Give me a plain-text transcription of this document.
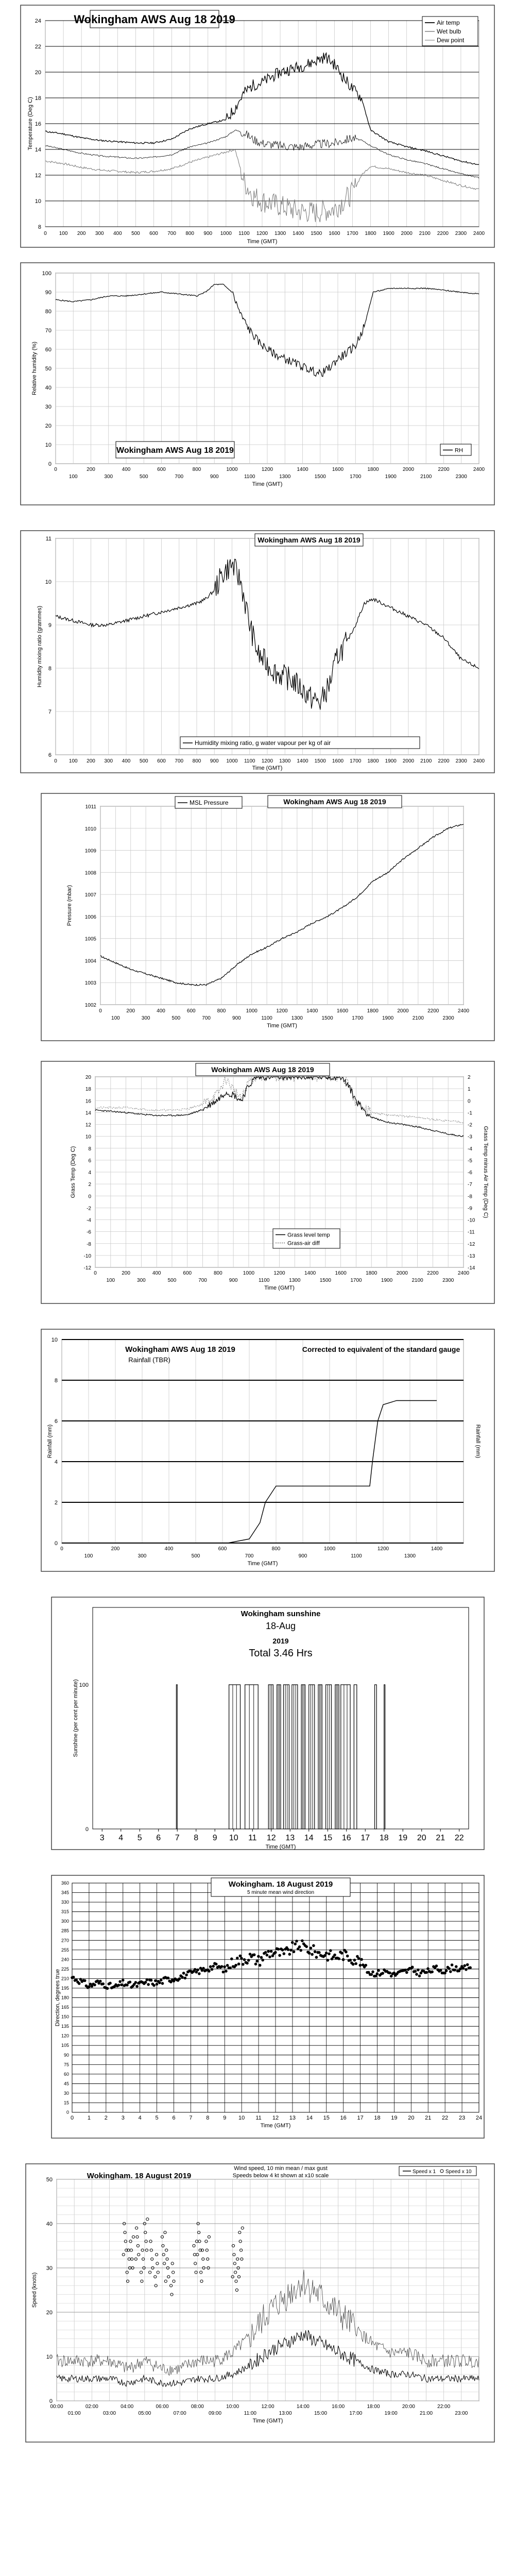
0 100 200 300 400 500 600 700 800 900 1000 1100 1200 1300 1400 1500 1600 1700 1800 1900 2000 2100 2200 2300 2400
8
10
12
14
16
18
20
22
24
Temperature (Deg C)
Time (GMT)
Wokingham AWS Aug 18 2019	Air temp
Wet bulb
Dew point
0	200	400	600	800	1000	1200	1400	1600	1800	2000	2200	2400
100	300	500	700	900	1100	1300	1500	1700	1900	2100	2300
0
10
20
30
40
50
60
70
80
90
100
Relative humidity (%)
Time (GMT)
Wokingham AWS Aug 18 2019	RH
0 100 200 300 400 500 600 700 800 900 1000 1100 1200 1300 1400 1500 1600 1700 1800 1900 2000 2100 2200 2300 2400
6
7
8
9
10
11
Humidity mixing ratio (grammes)
Time (GMT)
Wokingham AWS Aug 18 2019
Humidity mixing ratio, g water vapour per kg of air
0	200	400	600	800	1000	1200	1400	1600	1800	2000	2200	2400
100	300	500	700	900	1100	1300	1500	1700	1900	2100	2300
1002
1003
1004
1005
1006
1007
1008
1009
1010
1011
Pressure (mbar)
Time (GMT)
MSL Pressure	Wokingham AWS Aug 18 2019
0	200	400	600	800	1000	1200	1400	1600	1800	2000	2200	2400
100	300	500	700	900	1100	1300	1500	1700	1900	2100	2300
-12
-10
-8
-6
-4
-2
0
2
4
6
8
10
12
14
16
18
20
-14
-13
-12
-11
-10
-9
-8
-7
-6
-5
-4
-3
-2
-1
0
1
2
Grass Temp (Deg C)	Grass Temp minus Air Temp (Deg C)
Time (GMT)
Wokingham AWS Aug 18 2019
Grass level temp
Grass-air diff
0	200	400	600	800	1000	1200	1400
100	300	500	700	900	1100	1300
0
2
4
6
8
10
Rainfall (mm)	Rainfall (mm)
Time (GMT)
Wokingham AWS Aug 18 2019
Rainfall (TBR)
Corrected to equivalent of the standard gauge
3 4 5 6 7 8 9 10 11 12 13 14 15 16 17 18 19 20 21 22
0
100
Sunshine (per cent per minute)
Time (GMT)
Wokingham sunshine
18-Aug
2019
Total 3.46 Hrs
0 1 2 3 4 5 6 7 8 9 10 11 12 13 14 15 16 17 18 19 20 21 22 23 24
0
15
30
45
60
75
90
105
120
135
150
165
180
195
210
225
240
255
270
285
300
315
330
345
360
Direction, degrees true
Time (GMT)
Wokingham. 18 August 2019
5 minute mean wind direction
00:00	02:00	04:00	06:00	08:00	10:00	12:00	14:00	16:00	18:00	20:00	22:00
01:00	03:00	05:00	07:00	09:00	11:00	13:00	15:00	17:00	19:00	21:00	23:00
0
10
20
30
40
50
Speed (knots)
Time (GMT)
Wokingham. 18 August 2019
Wind speed, 10 min mean / max gust
Speeds below 4 kt shown at x10 scale
Speed x 1 Speed x 10
